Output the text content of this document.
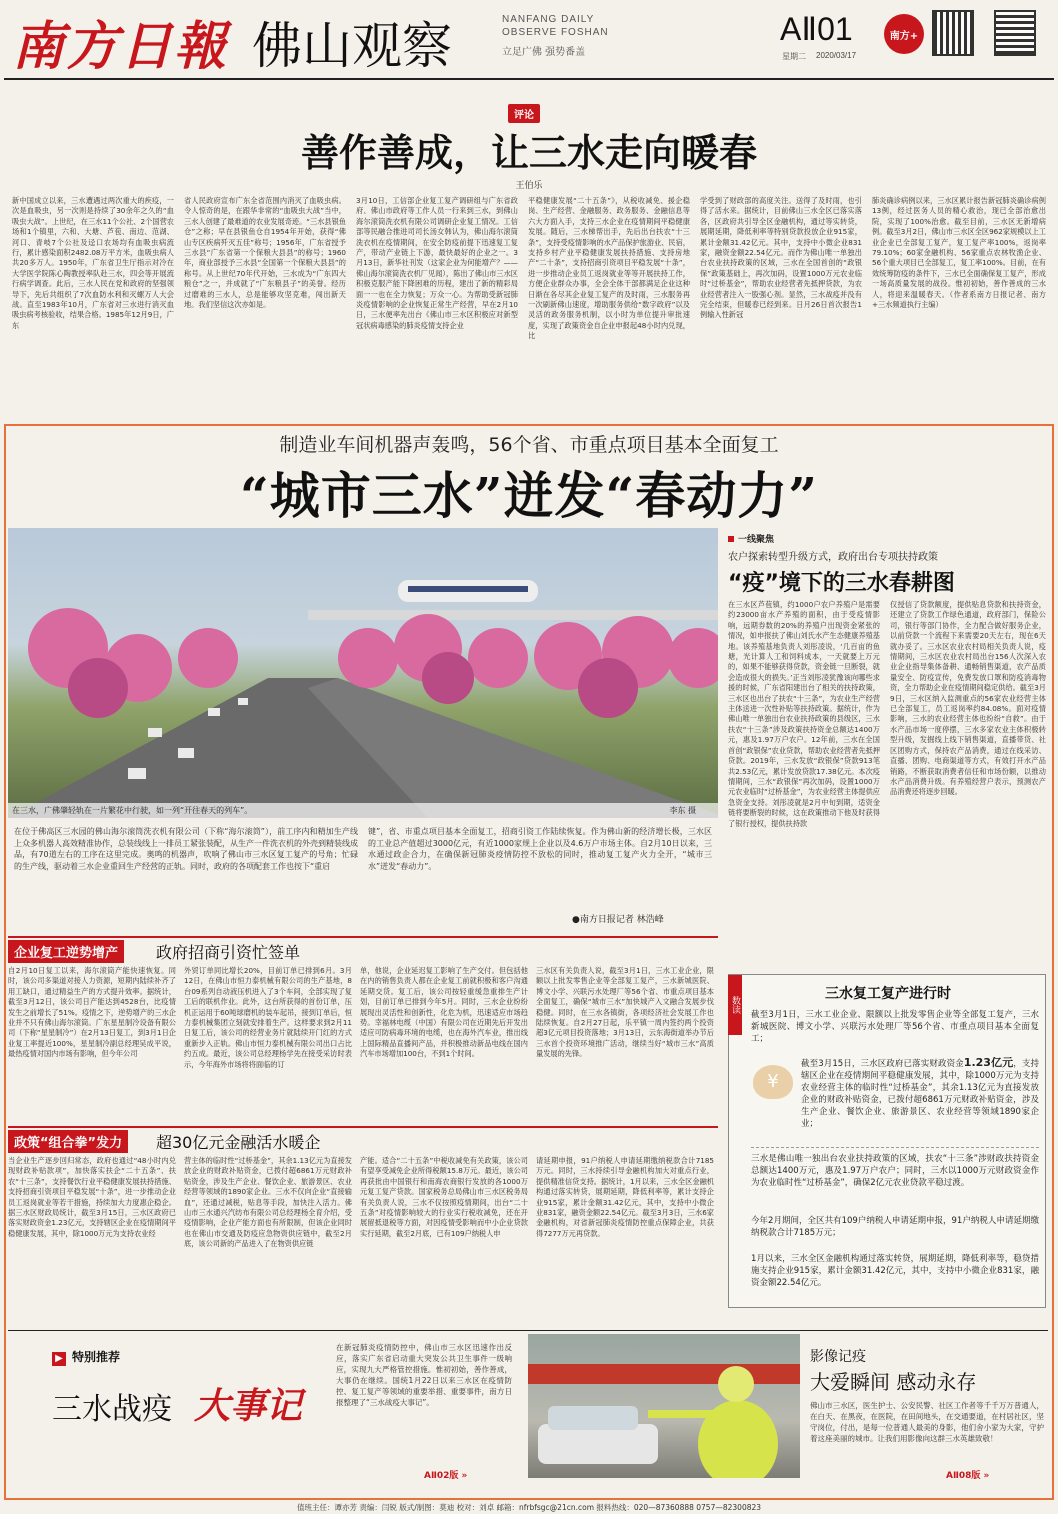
南方日報 佛山观察	NANFANG DAILY
OBSERVE FOSHAN
立足广佛 强势番盖
AⅡ01
星期二 2020/03/17
南方+
评论
善作善成，让三水走向暖春
王伯乐
新中国成立以来，三水遭遇过两次重大的疾疫，一次是血吸虫，另一次则是持续了30余年之久的“血吸虫大战”。上世纪，在三水11个公社、2个国营农场和1个镇里，六和、大塘、芦苞、南边、范湖、河口、青岐7个公社及迳口农场均有血吸虫病流行，累计感染面积2482.08万平方米，血吸虫病人共20多万人。1950年，广东省卫生厅指示对冷在大学医学院陈心陶教授率队赴三水，四会等开展流行病学调查。此后，三水人民在党和政府的坚强领导下，先后共组织了7次血防水利和灭螺万人大会战。直至1983年10月，广东省对三水进行消灭血吸虫病考核验收，结果合格。1985年12月9日，广东
省人民政府宣布广东全省范围内消灭了血吸虫病。令人惊奇的是，在跟华非常的“血吸虫大战”当中，三水人创建了最难道的农业发展奇迹。“三水县银鱼仓”之称；早在县银鱼仓自1954年开始，获得“佛山专区疾病歼灭五佳”称号；1956年，广东省授予三水县“广东省第一个保粮大县县”的称号；1960年，商业部授予三水县“全国第一个保粮大县县”的称号。从上世纪70年代开始，三水成为“广东四大粮仓”之一，并成就了“广东粮县子”的美誉。经历过磨难的三水人，总是能够攻坚克难，闯出新天地。我们坚信这次亦如是。
3月10日，工信部企业复工复产调研组与广东省政府、佛山市政府等工作人员一行来到三水，到佛山海尔滚筒洗衣机有限公司调研企业复工情况。工信部等民融合推进司司长汤女韩认为，佛山海尔滚筒洗衣机在疫情期间，在安全防疫前提下迅速复工复产，带动产业链上下游，最快最好的企业之一。3月13日，新华社刊发（这家企业为何能增产？——佛山海尔滚筒洗衣机厂见闻），陈出了佛山市三水区积极克服产能下降困难的历程，建出了新的精彩局面一一也在全力恢复；万众一心。为帮助受新冠肺炎疫情影响的企业恢复正常生产经营，早在2月10日，三水便率先出台《佛山市三水区积极应对新型冠状病毒感染的肺炎疫情支持企业
平稳健康发展“二十五条”》，从税收减免、援企稳岗、生产经营、金融服务、政务服务、金融信息等六大方面入手，支持三水企业在疫情期间平稳健康发展。随后，三水梯帮出手，先后出台扶农“十三条”，支持受疫情影响的水产品保护旅游业、民宿，支持乡村产业平稳健康发展扶持措施、支持房地产“二十条”，支持招商引资项目平稳发展“十条”，进一步推动企业员工返岗就业等等开展扶持工作，方便企业群众办事，全会全体干部都满足企业这种日渐在各尽其企业复工复产的及时雨，三水服务再一次刷新佛山速度，增助服务供给“数字政府”以及灵活的政务服务机制，以小时为单位提升审批速度，实现了政策资金自企业申报起48小时内兑现，比
学受到了财政部的高度关注。送得了及时雨，也引得了活水来。据统计，目前佛山三水全区已落实落各，区政府共引导全区金融机构，通过等实转贷，展期延期，降低利率等特别贷款投放企业915家，累计金额31.42亿元。其中，支持中小微企业831家，融资金额22.54亿元。而作为佛山唯一单独出台农业扶持政策的区域，三水在全国首创的“政银保”政策基础上，再次加码，设置1000万元农业临时“过桥基金”，帮助农业经营者先抵押贷款，为农业经营者注入一股强心剂。显然，三水战疫并没有完全结束，但暖春已经到来。日月26日首次报告1例输入性新冠
肺炎确诊病例以来，三水区累计报告新冠肺炎确诊病例13例，经过医务人员的精心救治，现已全部治愈出院，实现了100%治愈。截至目前，三水区无新增病例。截至3月2日，佛山市三水区全区962家规模以上工业企业已全部复工复产，复工复产率100%，返岗率79.10%；60家金融机构、56家重点农林牧渔企业、56个重大项目已全部复工，复工率100%。目前，在有效统筹防疫的条件下，三水已全面确保复工复产，形成一场高质量发展的战役。惟初初始，善作善成的三水人，将迎来温暖春天。（作者系南方日报记者、南方+三水频道执行主编）
制造业车间机器声轰鸣，56个省、市重点项目基本全面复工
“城市三水”迸发“春动力”
在三水，广佛肇轻轨在一片繁花中行驶，如一列“开往春天的列车”。	李东 摄
在位于佛高区三水园的佛山海尔滚筒洗衣机有限公司（下称“海尔滚筒”），前工序内和精加生产线上众多机器人高效精准协作，总装线线上一排员工紧张装配，从生产一件洗衣机的外壳到精装线成品，有70道左右的工序在这里完成。奥鸣的机器声，吹响了佛山市三水区复工复产的号角；忙碌的生产线，驱动着三水企业重回生产经营的正轨。同时，政府的各项配套工作也按下“重启
键”，省、市重点项目基本全面复工，招商引资工作陆续恢复。作为佛山新的经济增长极，三水区的工业总产值超过3000亿元，有近1000家规上企业以及4.6万户市场主体。自2月10日以来，三水通过政企合力，在确保新冠肺炎疫情防控不放松的同时，推动复工复产火力全开，“城市三水”迸发“春动力”。
●南方日报记者 林浩峰
企业复工逆势增产	政府招商引资忙签单
自2月10日复工以来，海尔滚筒产能快速恢复。同时，该公司多渠道对接人力资源，短期内陆续补齐了用工缺口，通过精益生产的方式提升效率。据统计，截至3月12日，该公司日产能达到4528台，比疫情发生之前增长了51%。疫情之下，逆势增产的三水企业并不只有佛山海尔滚筒。广东星星制冷设备有限公司（下称“星星制冷”）在2月13日复工，到3月1日企业复工率提近100%，星星制冷副总经理吴成平说，最热疫情对国内市场有影响，但今年公司
外贸订单同比增长20%，目前订单已排到6月。3月12日，在佛山市恒力泰机械有限公司的生产基地，8台09系列自动液压机进入了3个车间，全部实现了复工后的联机作业。此外，这台所获得的首份订单，压机正运用于60吨球磨机的装车起吊，接到订单后，恒力泰机械集团立刻就安排着生产。这样要求到2月11日复工后，该公司的经营业务片就陆续开门红的方式重新步入正轨。佛山市恒力泰机械有限公司出口占比约五成。最近，该公司总经理杨学先在接受采访时表示，今年海外市场将将面临的订
单，他说，企业延迟复工影响了生产交付。但包括他在内的销售负责人都在企业复工前就积极和客户沟通延期交货。复工后，该公司按轻重缓急重排生产计划，目前订单已排到今年5月。同时，三水企业纷纷展现出灵活性和创新性，化危为机，迅速适应市场趋势。幸福林电缆（中国）有限公司在近期先后开发出适应可防病毒环境的电缆，也在海外汽车业，推出线上国际精品直播间产品，并积极推动新品电线在国内汽车市场增加100台，不到1个时间。
三水区有关负责人说，截至3月1日，三水工业企业，限额以上批发零售企业等全部复工复产，三水新城医院、博文小学、兴联污水处理厂等56个省、市重点项目基本全面复工，确保“城市三水”加快城产入文融合发展步伐稳健。同时，在三水各镇街，各项经济社会发展工作也陆续恢复。自2月27日起，乐平镇一周内签约两个投资超3亿元项目投资落地；3月13日，云东海街道举办节后三水首个投资环境推广活动，继续当好“城市三水”高质量发展的先锋。
政策“组合拳”发力	超30亿元金融活水暖企
当企业生产逐步回归常态，政府也通过“48小时内兑现财政补贴款项”，加快落实扶企“二十五条”、扶农“十三条”，支持餐饮行业平稳健康发展扶持措施、支持招商引资项目平稳发展“十条”，进一步推动企业员工返岗就业等若干措施，持续加大力度惠企稳企。据三水区财政局统计，截至3月15日，三水区政府已落实财政资金1.23亿元，支持辖区企业在疫情期间平稳健康发展，其中，除1000万元为支持农业经
营主体的临时性“过桥基金”，其余1.13亿元为直接发放企业的财政补贴资金，已拨付超6861万元财政补贴资金，涉及生产企业、餐饮企业、旅游景区、农业经营等领域的1890家企业。三水不仅向企业“直接输血”，还通过减税，贴息等手段，加快注入活力。佛山市三水通兴汽纺布有限公司总经理杨全育介绍，受疫情影响，企业产能方面也有所限制，但该企业同时也在佛山市交通及防疫应急物资供应链中，截至2月底，该公司新的产品进入了在物资供应链
产能。适合“二十五条”中税收减免有关政策，该公司有望享受减免企业所得税额15.8万元。最近，该公司再获批由中国银行和南海农商银行发放的各1000万元复工复产贷款。国家税务总局佛山市三水区税务局有关负责人说，三水不仅按照疫情期间，出台“二十五条”对疫情影响较大的行业实行税收减免，还在开展留抵退税等方面，对因疫情受影响而中小企业贷款实行延期，截至2月底，已有109户纳税人申
请延期申报，91户纳税人申请延期缴纳税款合计7185万元。同时，三水持续引导金融机构加大对重点行业，提供精准信贷支持。据统计，1月以来，三水全区金融机构通过落实转贷，展期延期，降低利率等，累计支持企业915家，累计金额31.42亿元，其中，支持中小微企业831家，融资金额22.54亿元。截至3月3日，三水6家金融机构，对省新冠肺炎疫情防控重点保障企业，共获得7277万元再贷款。
一线聚焦
农户探索转型升级方式，政府出台专项扶持政策
“疫”境下的三水春耕图
在三水区芦苞镇，约1000户农户养殖户是需要约23000亩水产养殖的面积，由于受疫情影响，远期券数的20%的养殖户出现资金紧张的情况，如申报扶了佛山刘氏水产生态健康养殖基地。该养殖基地负责人刘彤凌说，‘几百亩的鱼塘，光计算人工和饲料成本，一天就要上万元的，如果不能够获得贷款，资金链一旦断裂，就会造成很大的损失。’正当刘彤凌犹豫该向哪些求援的时候，广东省阳建出台了相关的扶持政策，三水区也出台了扶农“十三条”，为农业生产经营主体送进一次性补贴等扶持政策。据统计，作为佛山唯一单独出台农业扶持政策的县级区，三水扶农“十三条”涉及政策扶持资金总额达1400万元，惠及1.97万户农户。12年前，三水在全国首创“政银保”农业贷款，帮助农业经营者先抵押贷款。2019年，三水发放“政银保”贷款913笔共2.53亿元，累计发放贷款17.38亿元。本次疫情期间，三水“政银保”再次加码，设置1000万元农业临时“过桥基金”，为农业经营主体提供应急资金支持。刘彤凌就是2月中旬到期，适资金链将要断裂的时候，这在政策推动下他及时获得了银行授权，提供扶持款
仅授信了贷款额度，提供贴息贷款和扶持资金，还建立了贷款工作绿色通道，政府部门，保险公司，银行等部门协作，全力配合做好服务企业，以前贷款一个流程下来需要20天左右，现在6天就办妥了。三水区农业农村局相关负责人说，疫情期间，三水区农业农村局出台156人次深入农业企业指导集体备耕、通畅销售渠道，农产品质量安全、防疫宣传，免费发放口罩和防疫消毒物资，全力帮助企业在疫情期间稳定供给。截至3月9日，三水区纳入监测重点的56家农业经营主体已全部复工，员工返岗率约84.08%。面对疫情影响，三水的农业经营主体也纷纷“自救”。由于水产品市场一度停摆，三水多家农业主体积极转型升级，发掘线上线下销售渠道，直播带货、社区团购方式，保持农产品消费，通过在线采访、直播、团购、电商渠道等方式，有效打开水产品销路，不断获取消费者信任和市场份额，以推动水产品消费升级。有养殖经营户表示，预测农产品消费还将逐步回暖。
数读
三水复工复产进行时
截至3月1日，三水工业企业、限额以上批发零售企业等全部复工复产，三水新城医院、博文小学、兴联污水处理厂等56个省、市重点项目基本全面复工；
¥
截至3月15日，三水区政府已落实财政资金1.23亿元，支持辖区企业在疫情期间平稳健康发展，其中，除1000万元为支持农业经营主体的临时性“过桥基金”，其余1.13亿元为直接发放企业的财政补贴资金，已拨付超6861万元财政补贴资金，涉及生产企业、餐饮企业、旅游景区、农业经营等领域1890家企业；
三水是佛山唯一独出台农业扶持政策的区域，扶农“十三条”涉财政扶持资金总额达1400万元，惠及1.97万户农户；同时，三水以1000万元财政资金作为农业临时性“过桥基金”，确保2亿元农业贷款平稳过渡。
今年2月期间，全区共有109户纳税人申请延期申报，91户纳税人申请延期缴纳税款合计7185万元；
1月以来，三水全区金融机构通过落实转贷，展期延期，降低利率等，稳贷措施支持企业915家，累计金额31.42亿元，其中，支持中小微企业831家，融资金额22.54亿元。
▶ 特别推荐
三水战疫 大事记
在新冠肺炎疫情防控中，佛山市三水区迅速作出反应，落实广东省启动重大突发公共卫生事件一级响应，实现九大严格管控措施。惟初初始，善作善成，大事仍在继续。国统1月22日以来三水区在疫情防控、复工复产等领域的重要举措、重要事件，南方日报整理了“三水战疫大事记”。
AⅡ02版 »
影像记疫
大爱瞬间 感动永存
佛山市三水区，医生护士、公安民警、社区工作者等千千万万普通人，在白天、在黑夜，在医院，在田间地头，在交通要道，在村居社区，坚守岗位，付出，是每一位普通人最美的身影，他们舍小家为大家，守护着这座美丽的城市。让我们用影像向这群三水英雄致敬！
AⅡ08版 »
值班主任：谭亦芳 责编：闫锐 版式/制图：莫迪 校对：刘卓 邮箱：nfrbfsgc@21cn.com 报料热线：020—87360888 0757—82300823
